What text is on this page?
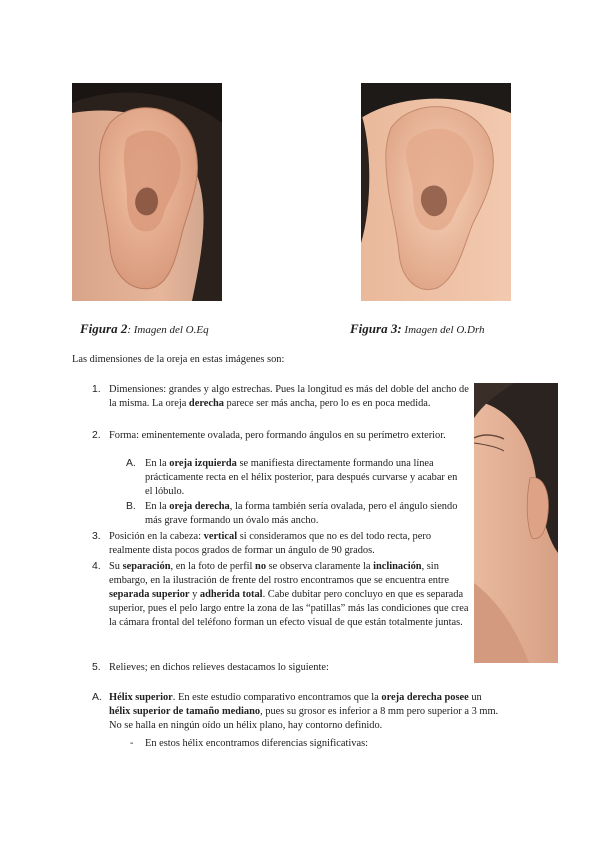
Figura 2: Imagen del O.Eq	Figura 3: Imagen del O.Drh

Las dimensiones de la oreja en estas imágenes son:

1. Dimensiones: grandes y algo estrechas. Pues la longitud es más del doble del ancho de la misma. La oreja derecha parece ser más ancha, pero lo es en poca medida.

2. Forma: eminentemente ovalada, pero formando ángulos en su perímetro exterior.

A. En la oreja izquierda se manifiesta directamente formando una línea prácticamente recta en el hélix posterior, para después curvarse y acabar en el lóbulo.

B. En la oreja derecha, la forma también sería ovalada, pero el ángulo siendo más grave formando un óvalo más ancho.

3. Posición en la cabeza: vertical si consideramos que no es del todo recta, pero realmente dista pocos grados de formar un ángulo de 90 grados.

4. Su separación, en la foto de perfil no se observa claramente la inclinación, sin embargo, en la ilustración de frente del rostro encontramos que se encuentra entre separada superior y adherida total. Cabe dubitar pero concluyo en que es separada superior, pues el pelo largo entre la zona de las “patillas” más las condiciones que crea la cámara frontal del teléfono forman un efecto visual de que están totalmente juntas.

5. Relieves; en dichos relieves destacamos lo siguiente:

A. Hélix superior. En este estudio comparativo encontramos que la oreja derecha posee un hélix superior de tamaño mediano, pues su grosor es inferior a 8 mm pero superior a 3 mm. No se halla en ningún oído un hélix plano, hay contorno definido.

- En estos hélix encontramos diferencias significativas:
